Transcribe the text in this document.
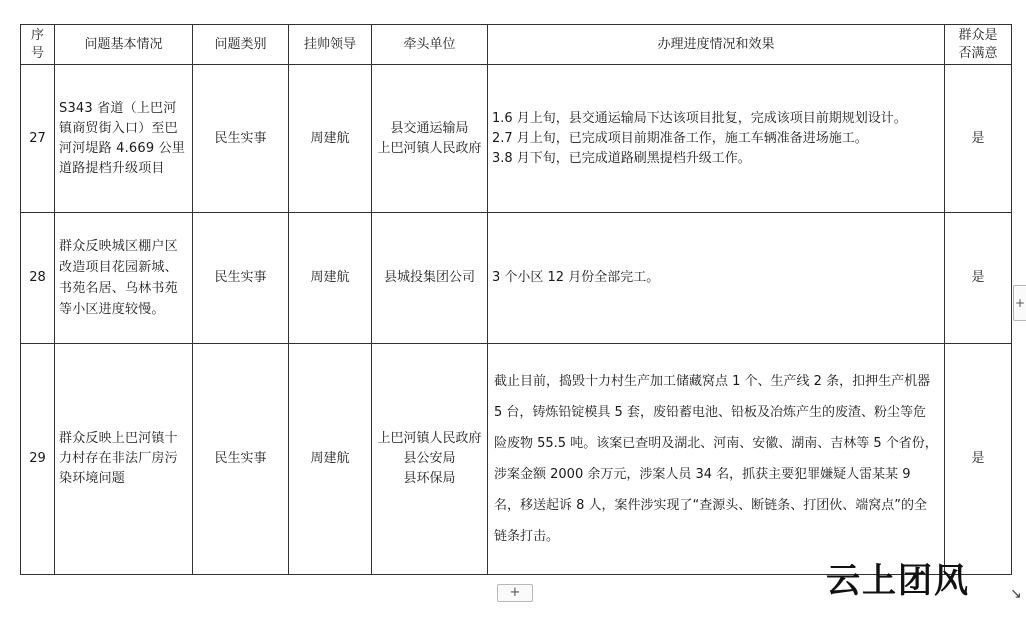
序
号	问题基本情况	问题类别	挂帅领导	牵头单位	办理进度情况和效果	群众是
否满意
27	S343 省道（上巴河镇商贸街入口）至巴河河堤路 4.669 公里道路提档升级项目	民生实事	周建航	县交通运输局
上巴河镇人民政府	1.6 月上旬，县交通运输局下达该项目批复，完成该项目前期规划设计。
2.7 月上旬，已完成项目前期准备工作，施工车辆准备进场施工。
3.8 月下旬，已完成道路刷黑提档升级工作。	是
28	群众反映城区棚户区改造项目花园新城、书苑名居、乌林书苑等小区进度较慢。	民生实事	周建航	县城投集团公司	3 个小区 12 月份全部完工。	是
29	群众反映上巴河镇十力村存在非法厂房污染环境问题	民生实事	周建航	上巴河镇人民政府
县公安局
县环保局	截止目前，捣毁十力村生产加工储藏窝点 1 个、生产线 2 条，扣押生产机器 5 台，铸炼铅锭模具 5 套，废铅蓄电池、铅板及冶炼产生的废渣、粉尘等危险废物 55.5 吨。该案已查明及湖北、河南、安徽、湖南、吉林等 5 个省份，涉案金额 2000 余万元，涉案人员 34 名，抓获主要犯罪嫌疑人雷某某 9 名，移送起诉 8 人，案件涉实现了“查源头、断链条、打团伙、端窝点”的全链条打击。	是
+
+
云上团风	↘
